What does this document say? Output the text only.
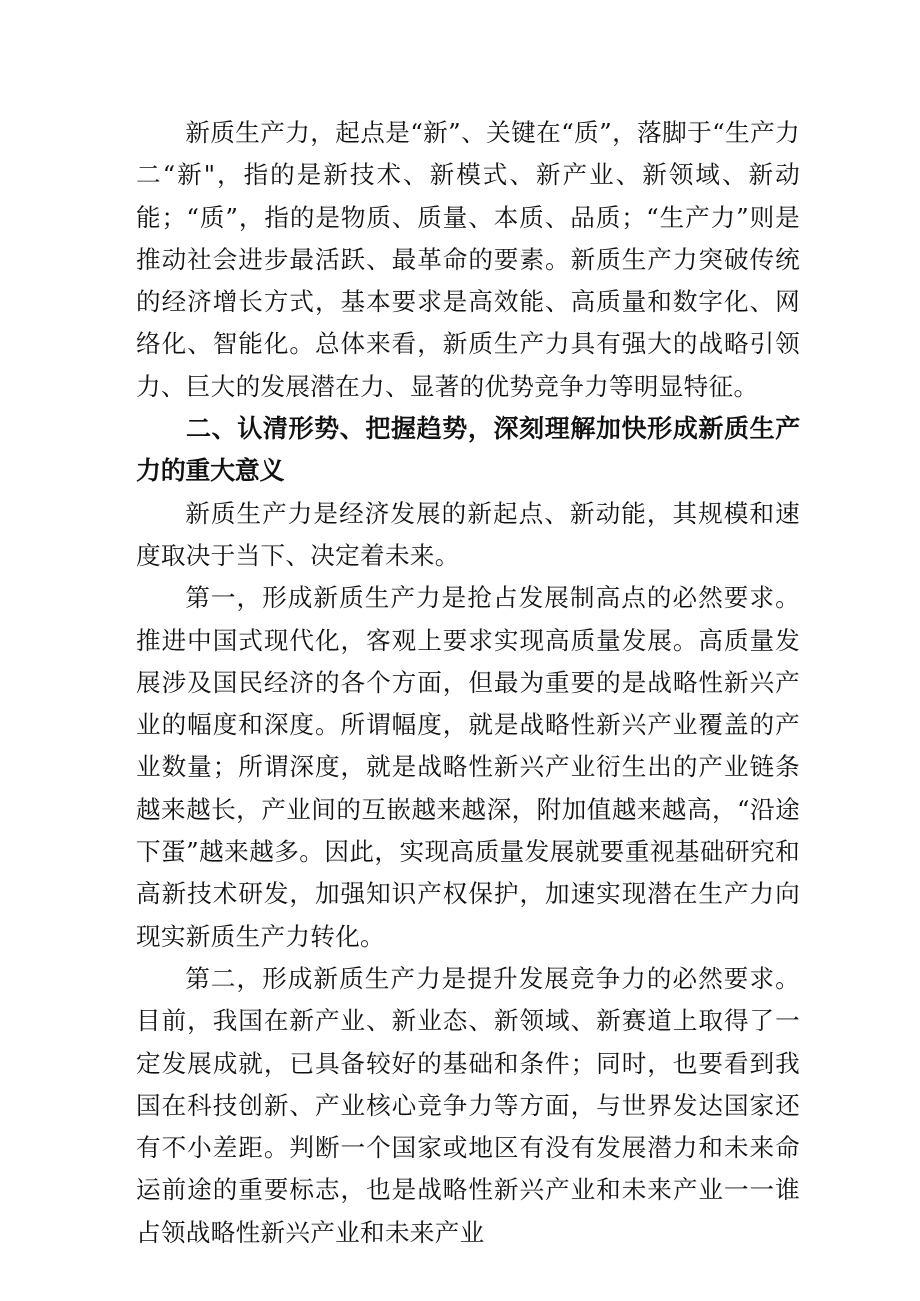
新质生产力，起点是“新”、关键在“质”，落脚于“生产力二“新"，指的是新技术、新模式、新产业、新领域、新动能；“质”，指的是物质、质量、本质、品质；“生产力”则是推动社会进步最活跃、最革命的要素。新质生产力突破传统的经济增长方式，基本要求是高效能、高质量和数字化、网络化、智能化。总体来看，新质生产力具有强大的战略引领力、巨大的发展潜在力、显著的优势竞争力等明显特征。

二、认清形势、把握趋势，深刻理解加快形成新质生产力的重大意义

新质生产力是经济发展的新起点、新动能，其规模和速度取决于当下、决定着未来。

第一，形成新质生产力是抢占发展制高点的必然要求。推进中国式现代化，客观上要求实现高质量发展。高质量发展涉及国民经济的各个方面，但最为重要的是战略性新兴产业的幅度和深度。所谓幅度，就是战略性新兴产业覆盖的产业数量；所谓深度，就是战略性新兴产业衍生出的产业链条越来越长，产业间的互嵌越来越深，附加值越来越高，“沿途下蛋”越来越多。因此，实现高质量发展就要重视基础研究和高新技术研发，加强知识产权保护，加速实现潜在生产力向现实新质生产力转化。

第二，形成新质生产力是提升发展竞争力的必然要求。目前，我国在新产业、新业态、新领域、新赛道上取得了一定发展成就，已具备较好的基础和条件；同时，也要看到我国在科技创新、产业核心竞争力等方面，与世界发达国家还有不小差距。判断一个国家或地区有没有发展潜力和未来命运前途的重要标志，也是战略性新兴产业和未来产业一一谁占领战略性新兴产业和未来产业
